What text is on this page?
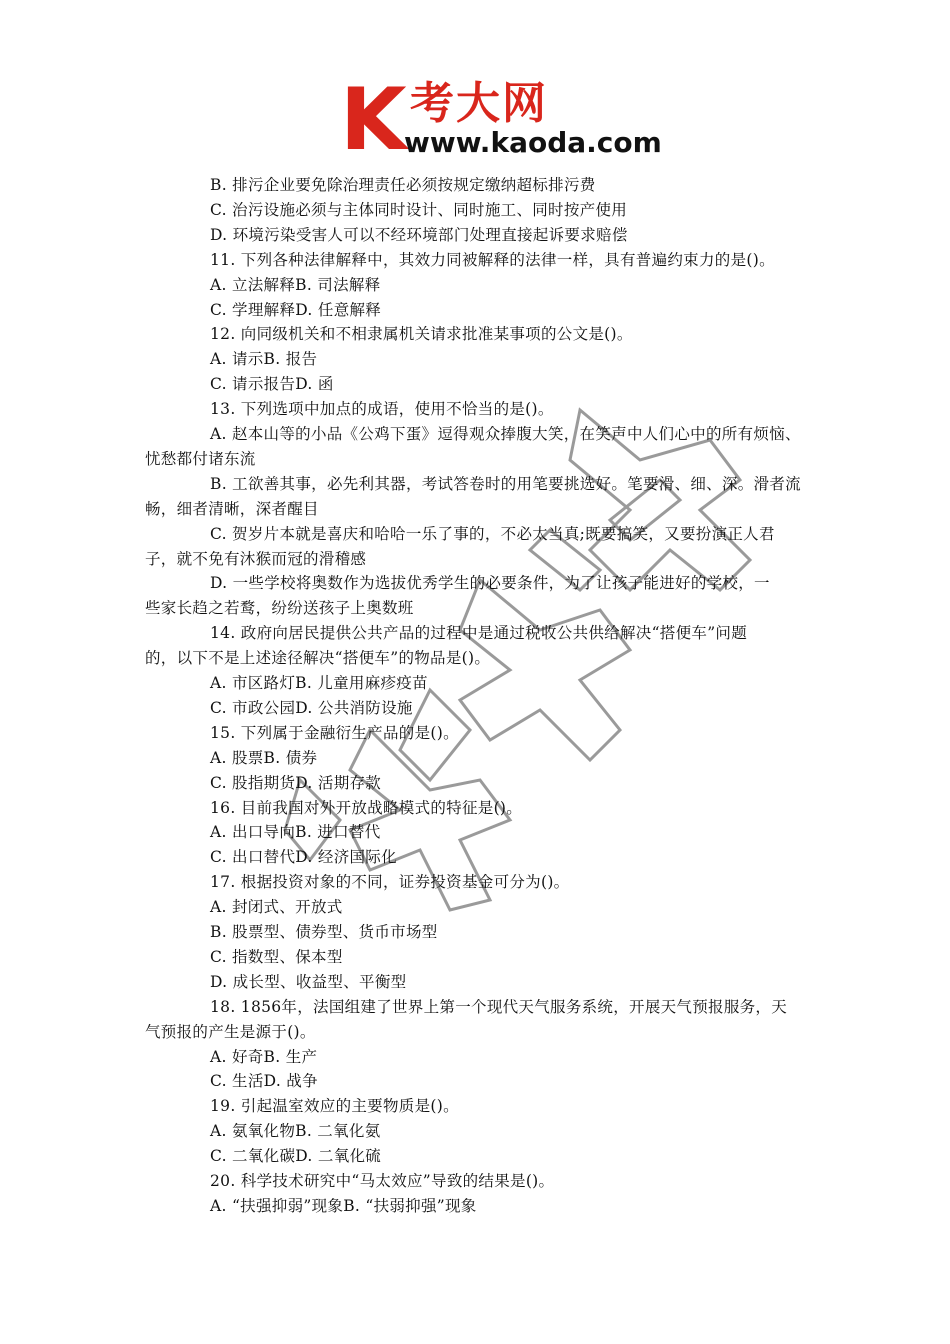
K 考大网
www.kaoda.com
B. 排污企业要免除治理责任必须按规定缴纳超标排污费
C. 治污设施必须与主体同时设计、同时施工、同时按产使用
D. 环境污染受害人可以不经环境部门处理直接起诉要求赔偿
11. 下列各种法律解释中，其效力同被解释的法律一样，具有普遍约束力的是()。
A. 立法解释B. 司法解释
C. 学理解释D. 任意解释
12. 向同级机关和不相隶属机关请求批准某事项的公文是()。
A. 请示B. 报告
C. 请示报告D. 函
13. 下列选项中加点的成语，使用不恰当的是()。
A. 赵本山等的小品《公鸡下蛋》逗得观众捧腹大笑，在笑声中人们心中的所有烦恼、
忧愁都付诸东流
B. 工欲善其事，必先利其器，考试答卷时的用笔要挑选好。笔要滑、细、深。滑者流
畅，细者清晰，深者醒目
C. 贺岁片本就是喜庆和哈哈一乐了事的，不必太当真;既要搞笑，又要扮演正人君
子，就不免有沐猴而冠的滑稽感
D. 一些学校将奥数作为选拔优秀学生的必要条件，为了让孩子能进好的学校，一
些家长趋之若鹜，纷纷送孩子上奥数班
14. 政府向居民提供公共产品的过程中是通过税收公共供给解决“搭便车”问题
的，以下不是上述途径解决“搭便车”的物品是()。
A. 市区路灯B. 儿童用麻疹疫苗
C. 市政公园D. 公共消防设施
15. 下列属于金融衍生产品的是()。
A. 股票B. 债券
C. 股指期货D. 活期存款
16. 目前我国对外开放战略模式的特征是()。
A. 出口导向B. 进口替代
C. 出口替代D. 经济国际化
17. 根据投资对象的不同，证券投资基金可分为()。
A. 封闭式、开放式
B. 股票型、债券型、货币市场型
C. 指数型、保本型
D. 成长型、收益型、平衡型
18. 1856年，法国组建了世界上第一个现代天气服务系统，开展天气预报服务，天
气预报的产生是源于()。
A. 好奇B. 生产
C. 生活D. 战争
19. 引起温室效应的主要物质是()。
A. 氨氧化物B. 二氧化氨
C. 二氧化碳D. 二氧化硫
20. 科学技术研究中“马太效应”导致的结果是()。
A. “扶强抑弱”现象B. “扶弱抑强”现象
